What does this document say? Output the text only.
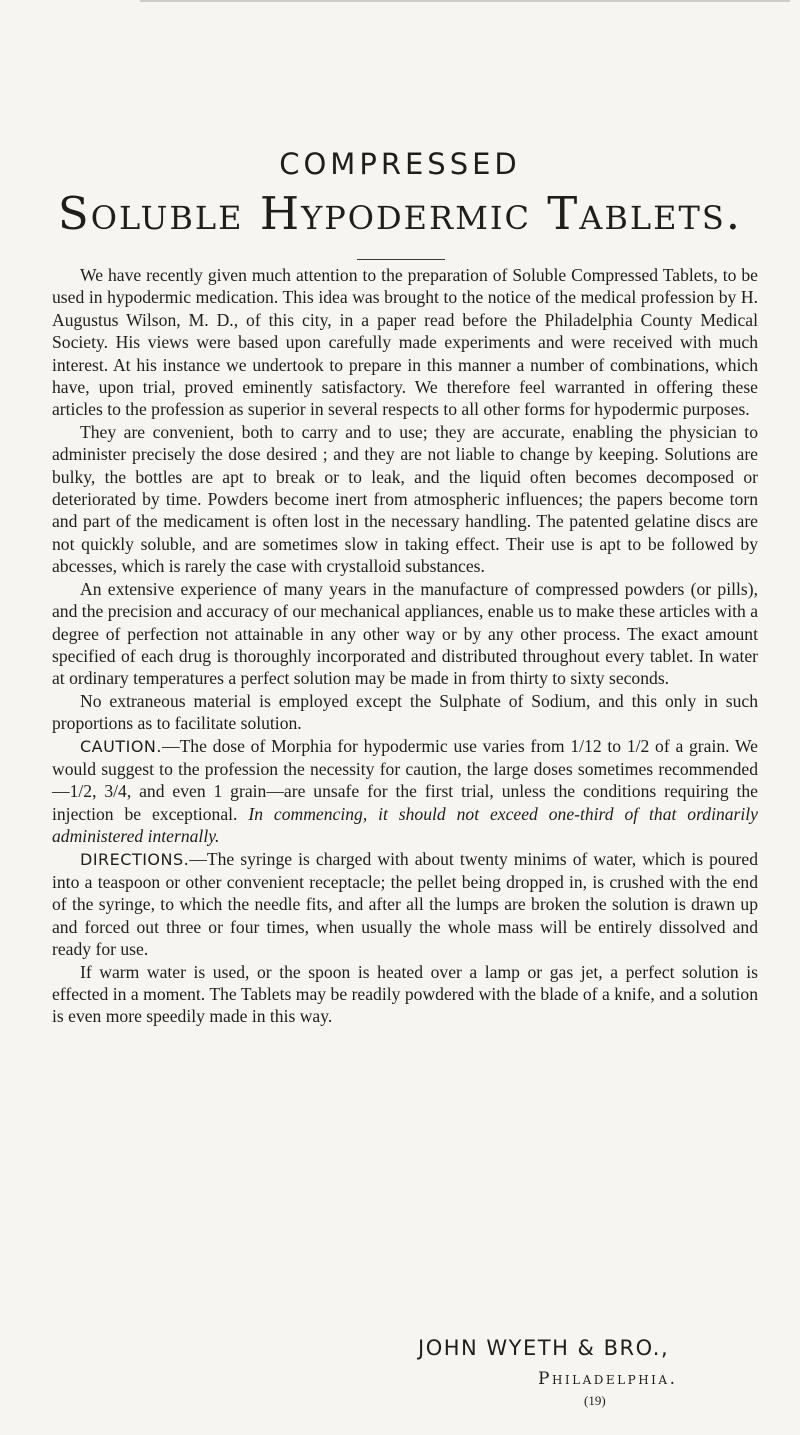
COMPRESSED
Soluble Hypodermic Tablets.

We have recently given much attention to the preparation of Soluble Compressed Tablets, to be used in hypodermic medication. This idea was brought to the notice of the medical profession by H. Augustus Wilson, M. D., of this city, in a paper read before the Philadelphia County Medical Society. His views were based upon carefully made experiments and were received with much interest. At his instance we undertook to prepare in this manner a number of combinations, which have, upon trial, proved eminently satisfactory. We therefore feel warranted in offering these articles to the profession as superior in several respects to all other forms for hypodermic purposes.

They are convenient, both to carry and to use; they are accurate, enabling the physician to administer precisely the dose desired ; and they are not liable to change by keeping. Solutions are bulky, the bottles are apt to break or to leak, and the liquid often becomes decomposed or deteriorated by time. Powders become inert from atmospheric influences; the papers become torn and part of the medicament is often lost in the necessary handling. The patented gelatine discs are not quickly soluble, and are sometimes slow in taking effect. Their use is apt to be followed by abcesses, which is rarely the case with crystalloid substances.

An extensive experience of many years in the manufacture of compressed powders (or pills), and the precision and accuracy of our mechanical appliances, enable us to make these articles with a degree of perfection not attainable in any other way or by any other process. The exact amount specified of each drug is thoroughly incorporated and distributed throughout every tablet. In water at ordinary temperatures a perfect solution may be made in from thirty to sixty seconds.

No extraneous material is employed except the Sulphate of Sodium, and this only in such proportions as to facilitate solution.

CAUTION.—The dose of Morphia for hypodermic use varies from 1/12 to 1/2 of a grain. We would suggest to the profession the necessity for caution, the large doses sometimes recommended—1/2, 3/4, and even 1 grain—are unsafe for the first trial, unless the conditions requiring the injection be exceptional. In commencing, it should not exceed one-third of that ordinarily administered internally.

DIRECTIONS.—The syringe is charged with about twenty minims of water, which is poured into a teaspoon or other convenient receptacle; the pellet being dropped in, is crushed with the end of the syringe, to which the needle fits, and after all the lumps are broken the solution is drawn up and forced out three or four times, when usually the whole mass will be entirely dissolved and ready for use.

If warm water is used, or the spoon is heated over a lamp or gas jet, a perfect solution is effected in a moment. The Tablets may be readily powdered with the blade of a knife, and a solution is even more speedily made in this way.

JOHN WYETH & BRO.,
Philadelphia.
(19)
